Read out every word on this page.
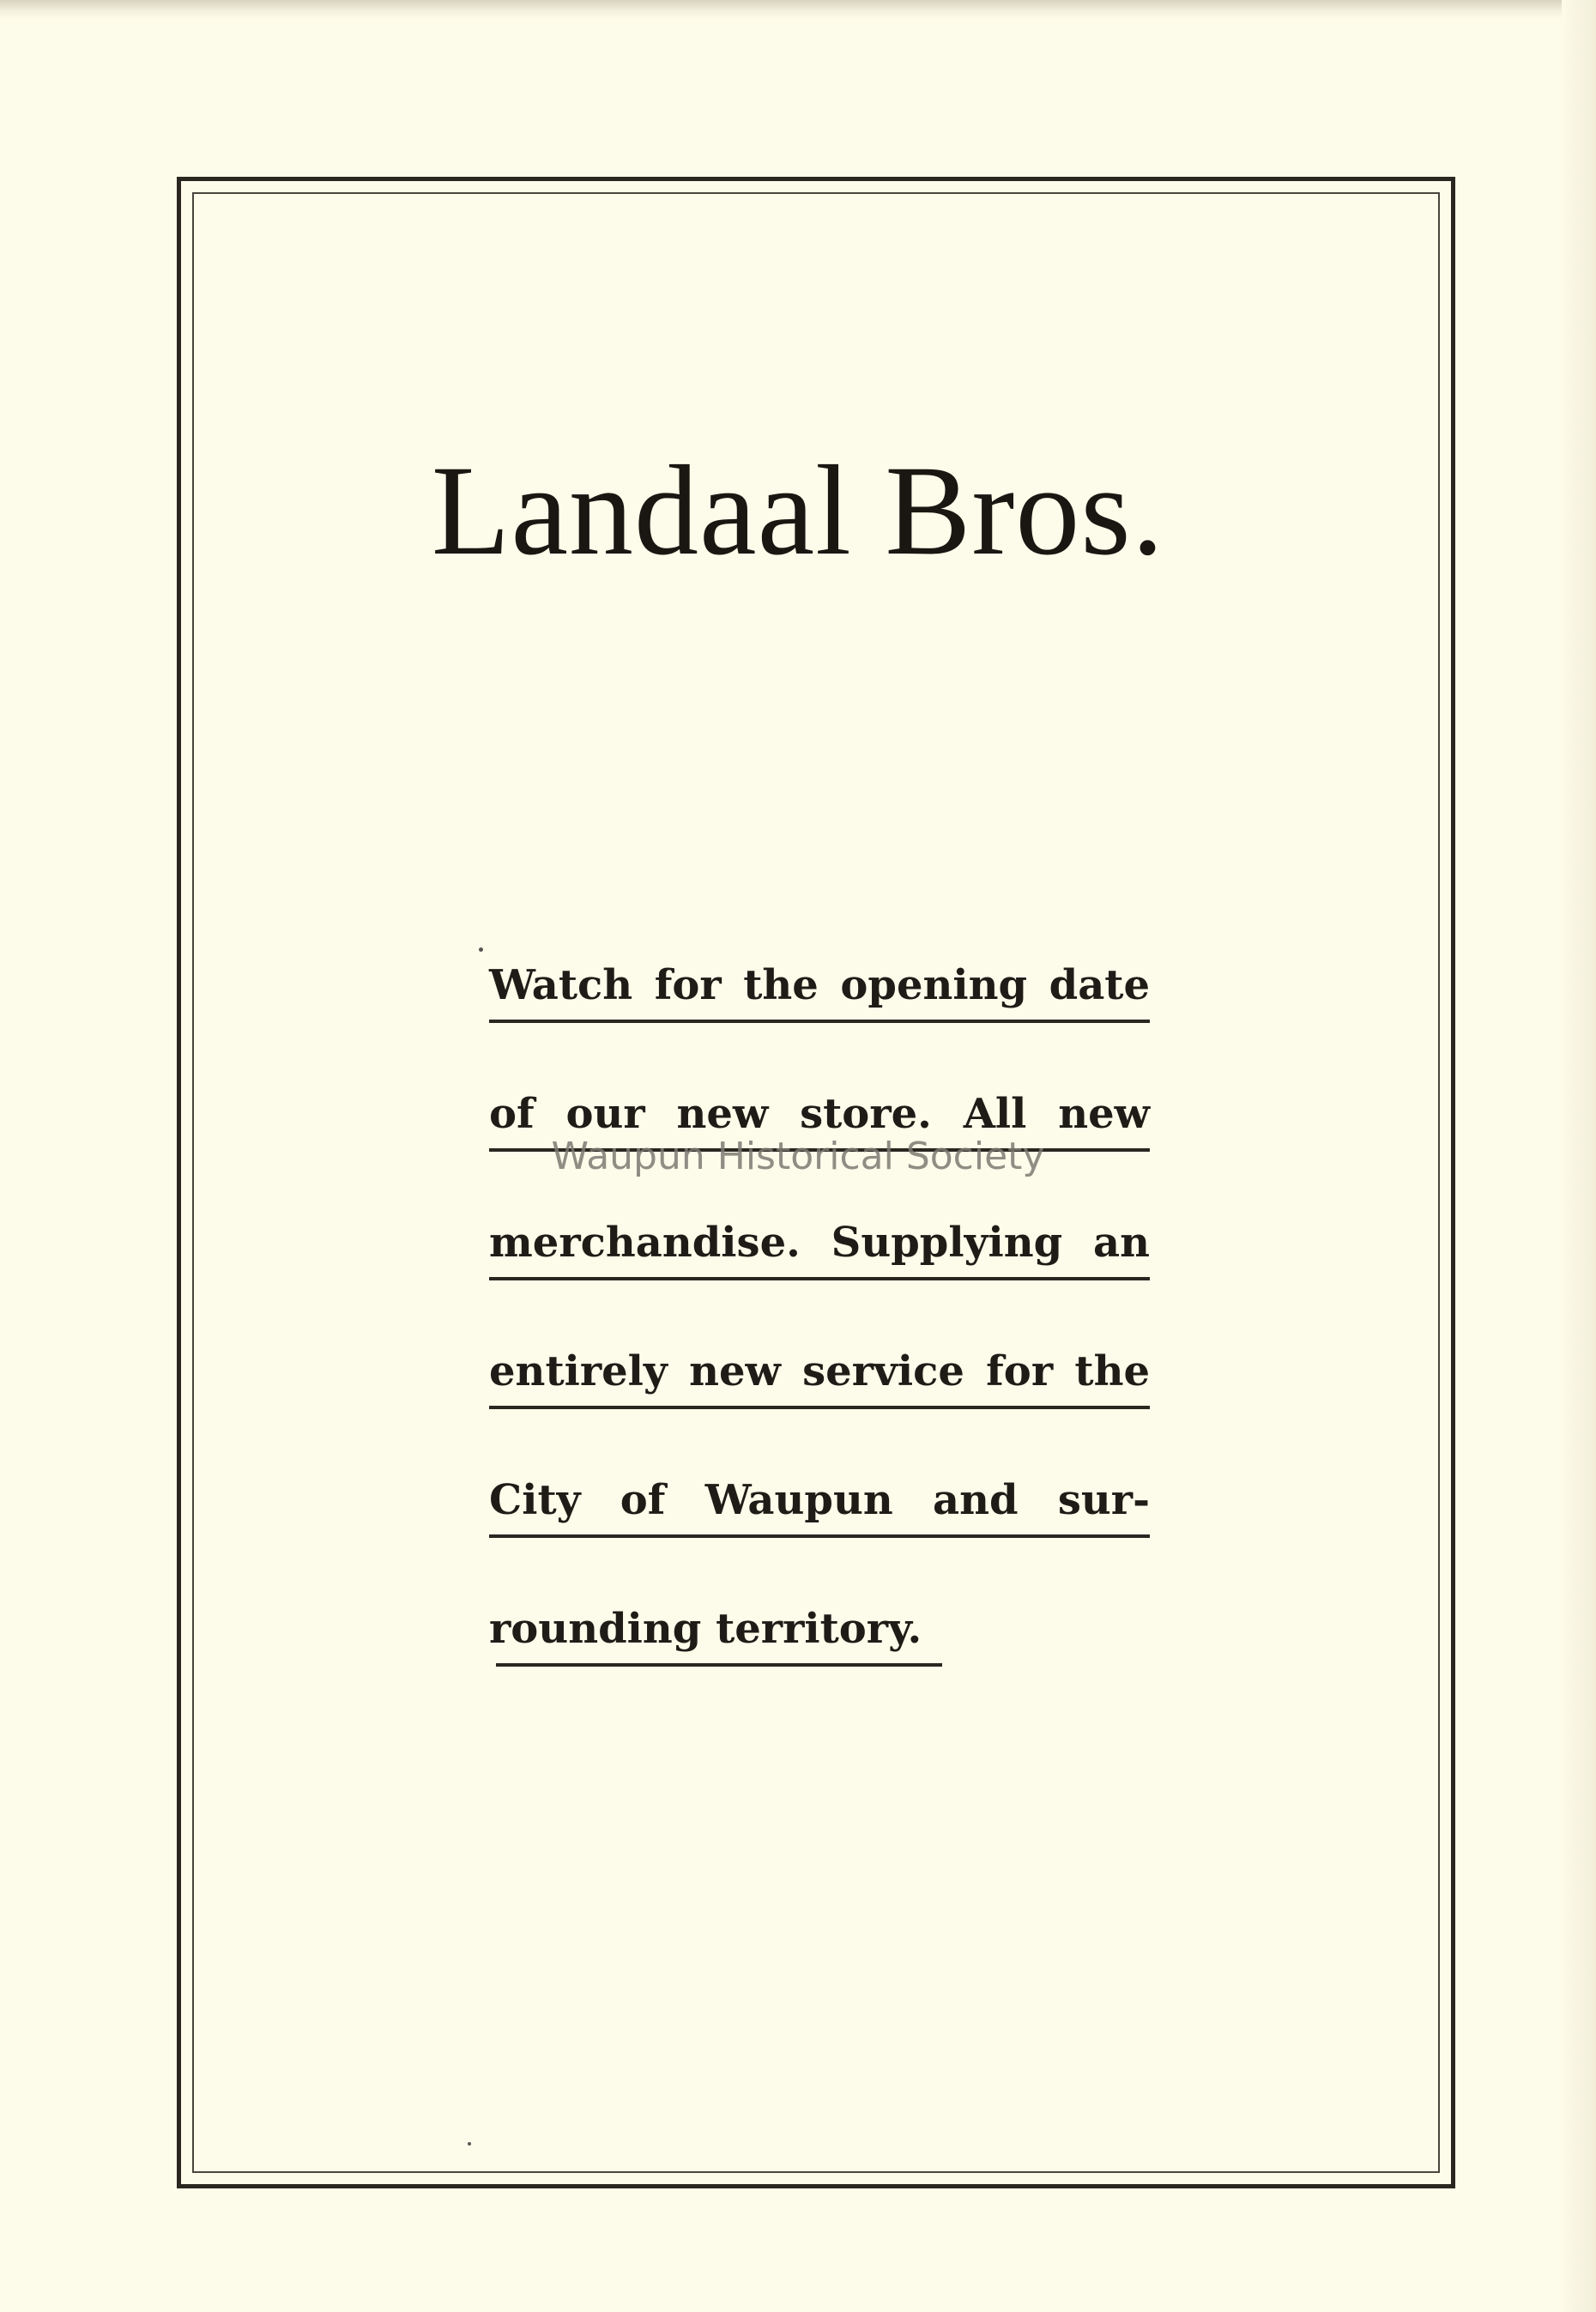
Landaal Bros.
Watch for the opening date
of our new store. All new
merchandise. Supplying an
entirely new service for the
City of Waupun and sur-
rounding territory.
Waupun Historical Society
